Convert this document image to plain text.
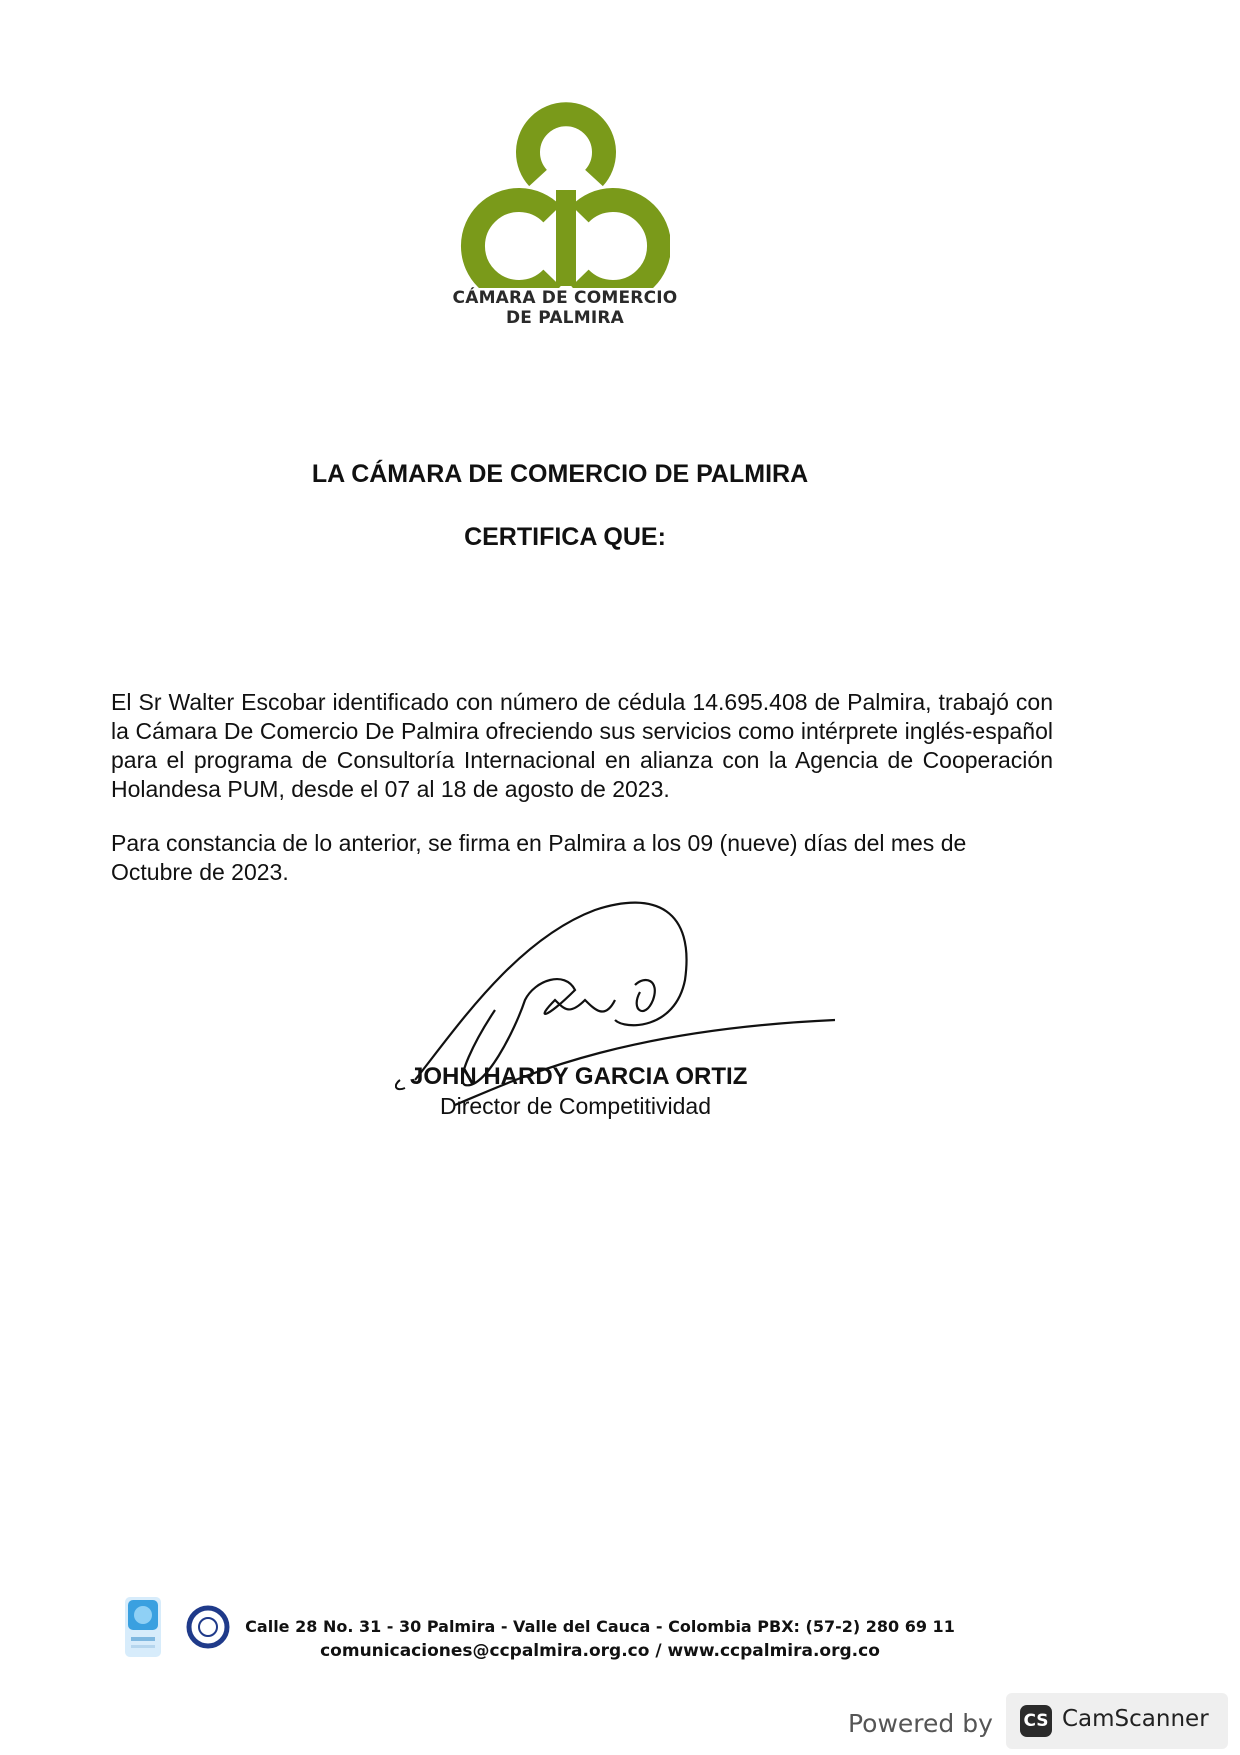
CÁMARA DE COMERCIO
DE PALMIRA
LA CÁMARA DE COMERCIO DE PALMIRA
CERTIFICA QUE:
El Sr Walter Escobar identificado con número de cédula 14.695.408 de Palmira, trabajó con la Cámara De Comercio De Palmira ofreciendo sus servicios como intérprete inglés-español para el programa de Consultoría Internacional en alianza con la Agencia de Cooperación Holandesa PUM, desde el 07 al 18 de agosto de 2023.
Para constancia de lo anterior, se firma en Palmira a los 09 (nueve) días del mes de Octubre de 2023.
JOHN HARDY GARCIA ORTIZ
Director de Competitividad
Calle 28 No. 31 - 30 Palmira - Valle del Cauca - Colombia PBX: (57-2) 280 69 11
comunicaciones@ccpalmira.org.co / www.ccpalmira.org.co
Powered by CS CamScanner
